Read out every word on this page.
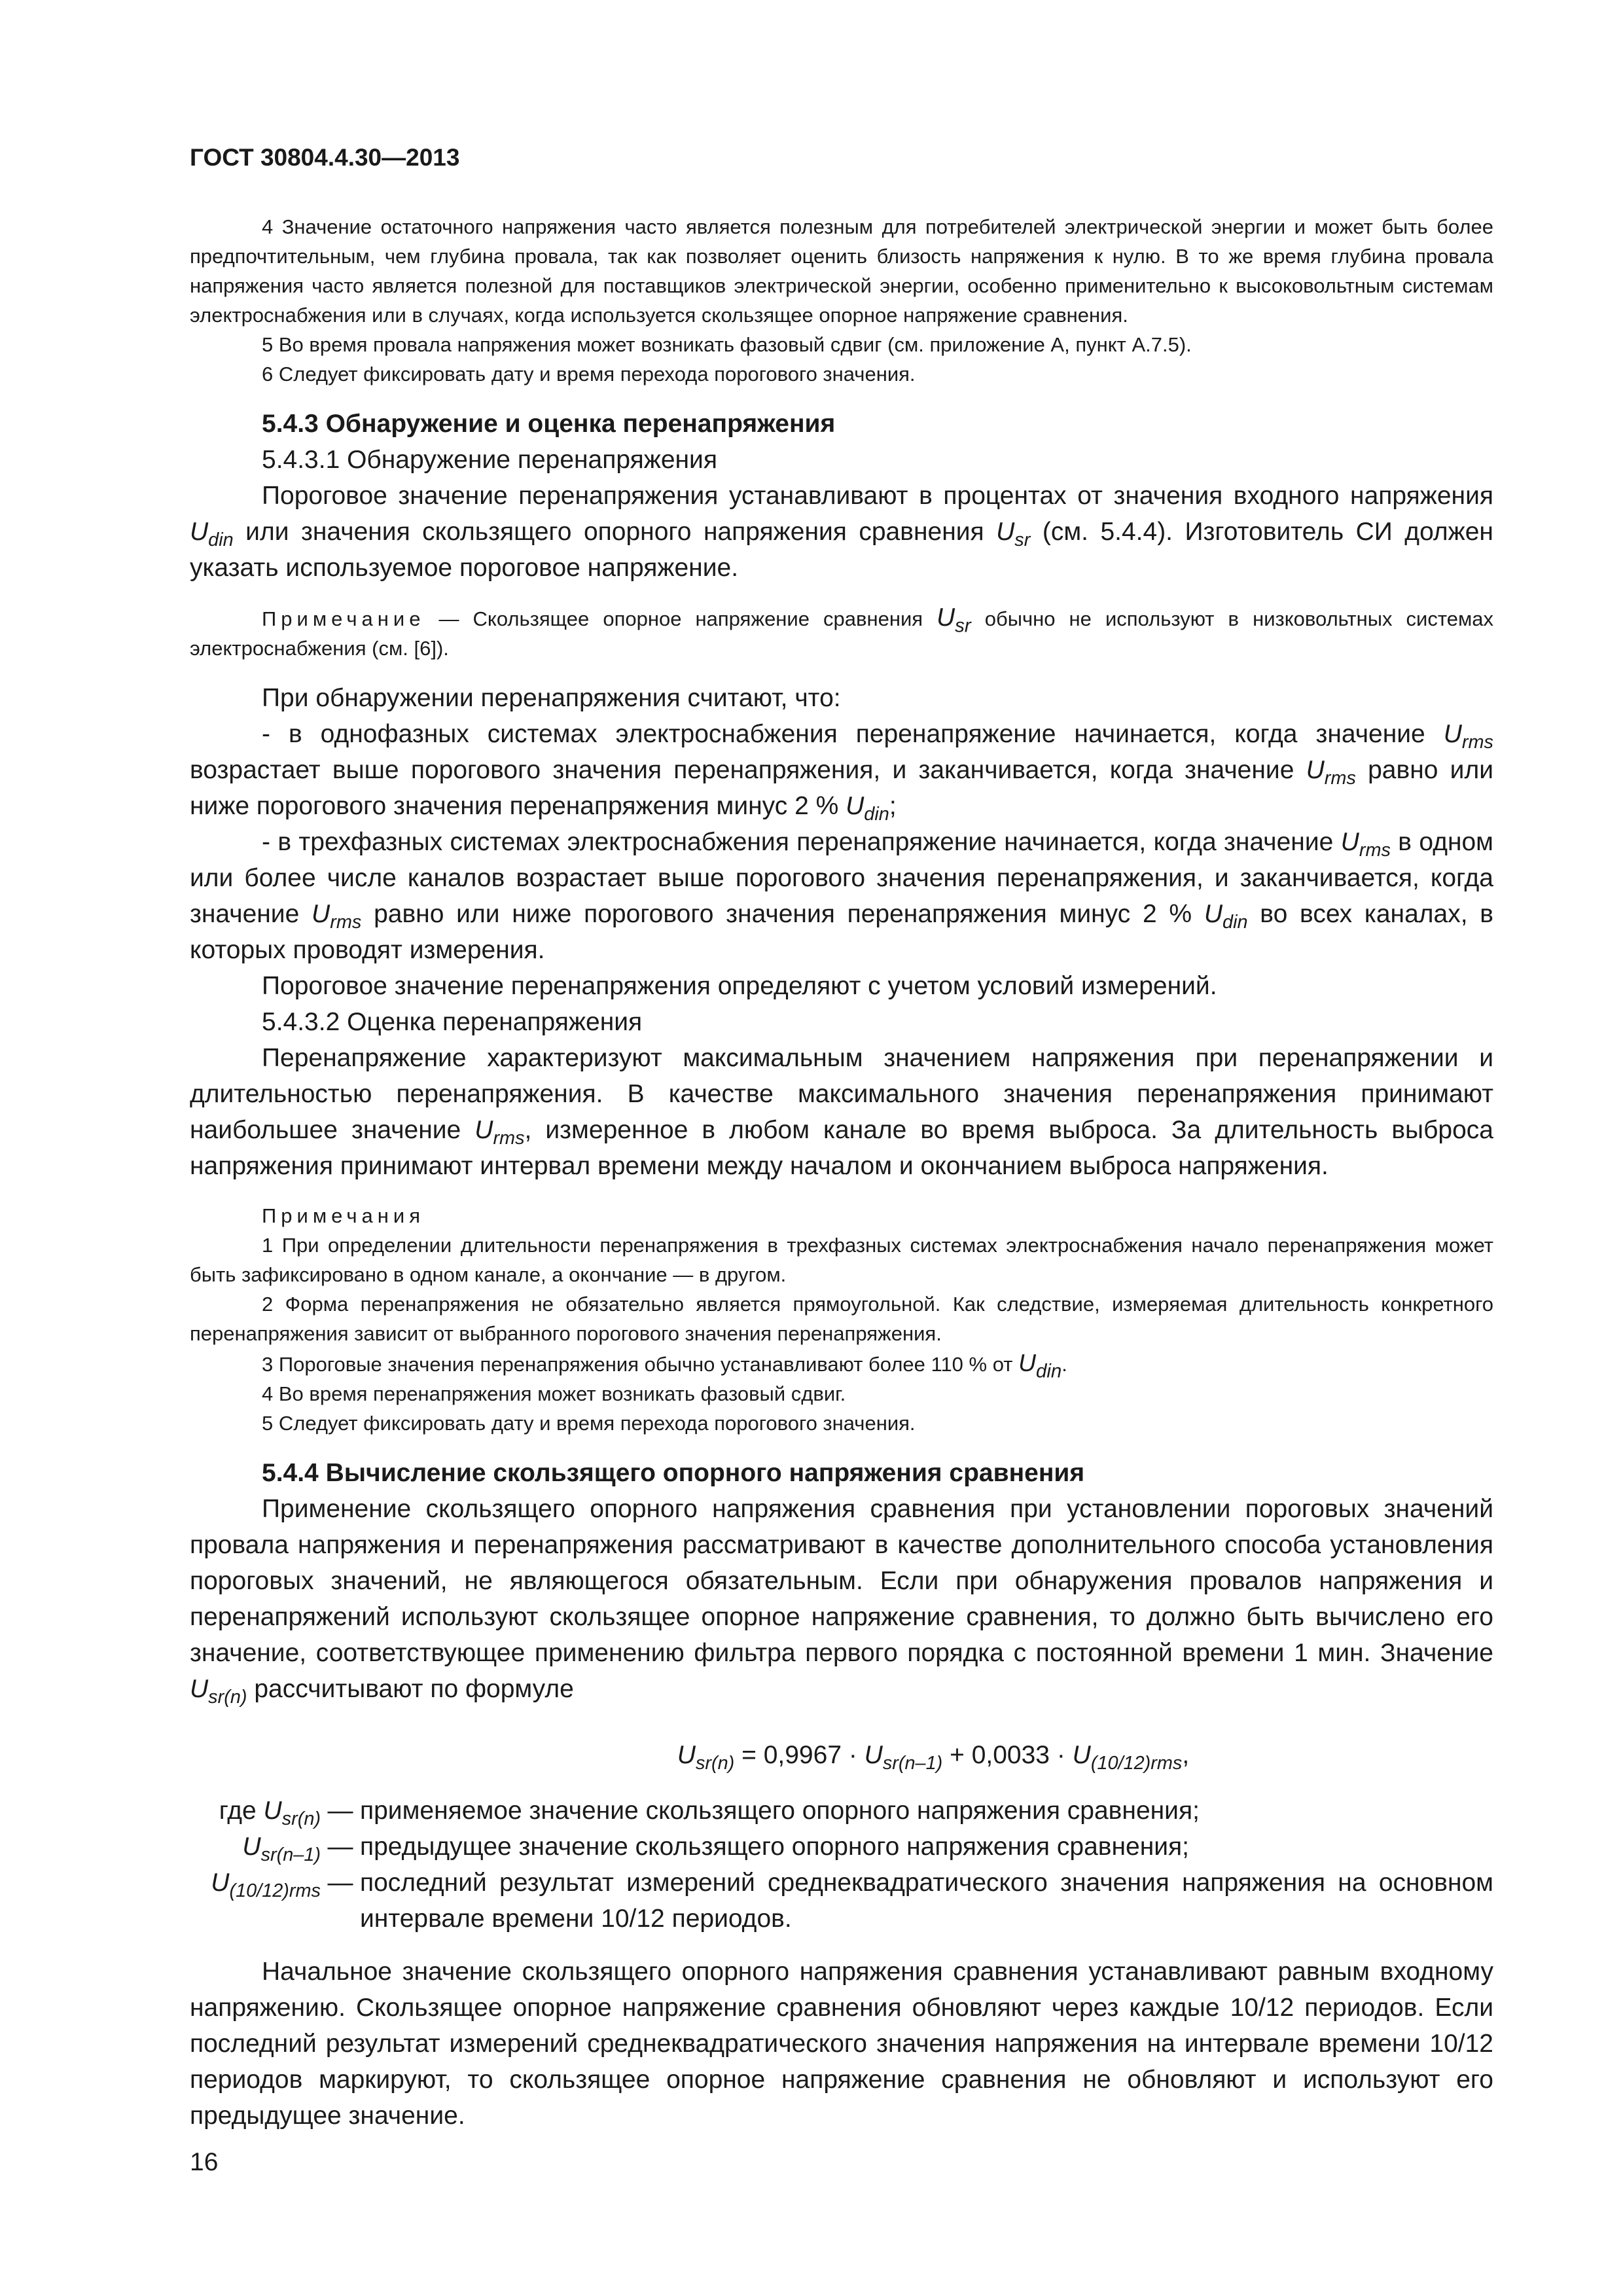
ГОСТ 30804.4.30—2013

4 Значение остаточного напряжения часто является полезным для потребителей электрической энергии и может быть более предпочтительным, чем глубина провала, так как позволяет оценить близость напряжения к нулю. В то же время глубина провала напряжения часто является полезной для поставщиков электрической энергии, особенно применительно к высоковольтным системам электроснабжения или в случаях, когда используется скользящее опорное напряжение сравнения.

5 Во время провала напряжения может возникать фазовый сдвиг (см. приложение А, пункт А.7.5).

6 Следует фиксировать дату и время перехода порогового значения.

5.4.3 Обнаружение и оценка перенапряжения

5.4.3.1 Обнаружение перенапряжения

Пороговое значение перенапряжения устанавливают в процентах от значения входного напряжения $U_{din}$ или значения скользящего опорного напряжения сравнения $U_{sr}$ (см. 5.4.4). Изготовитель СИ должен указать используемое пороговое напряжение.

Примечание — Скользящее опорное напряжение сравнения Usr обычно не используют в низковольтных системах электроснабжения (см. [6]).

При обнаружении перенапряжения считают, что:

- в однофазных системах электроснабжения перенапряжение начинается, когда значение $U_{rms}$ возрастает выше порогового значения перенапряжения, и заканчивается, когда значение $U_{rms}$ равно или ниже порогового значения перенапряжения минус 2 % $U_{din}$;

- в трехфазных системах электроснабжения перенапряжение начинается, когда значение $U_{rms}$ в одном или более числе каналов возрастает выше порогового значения перенапряжения, и заканчивается, когда значение $U_{rms}$ равно или ниже порогового значения перенапряжения минус 2 % $U_{din}$ во всех каналах, в которых проводят измерения.

Пороговое значение перенапряжения определяют с учетом условий измерений.

5.4.3.2 Оценка перенапряжения

Перенапряжение характеризуют максимальным значением напряжения при перенапряжении и длительностью перенапряжения. В качестве максимального значения перенапряжения принимают наибольшее значение $U_{rms}$, измеренное в любом канале во время выброса. За длительность выброса напряжения принимают интервал времени между началом и окончанием выброса напряжения.

Примечания

1 При определении длительности перенапряжения в трехфазных системах электроснабжения начало перенапряжения может быть зафиксировано в одном канале, а окончание — в другом.

2 Форма перенапряжения не обязательно является прямоугольной. Как следствие, измеряемая длительность конкретного перенапряжения зависит от выбранного порогового значения перенапряжения.

3 Пороговые значения перенапряжения обычно устанавливают более 110 % от Udin.

4 Во время перенапряжения может возникать фазовый сдвиг.

5 Следует фиксировать дату и время перехода порогового значения.

5.4.4 Вычисление скользящего опорного напряжения сравнения

Применение скользящего опорного напряжения сравнения при установлении пороговых значений провала напряжения и перенапряжения рассматривают в качестве дополнительного способа установления пороговых значений, не являющегося обязательным. Если при обнаружения провалов напряжения и перенапряжений используют скользящее опорное напряжение сравнения, то должно быть вычислено его значение, соответствующее применению фильтра первого порядка с постоянной времени 1 мин. Значение $U_{sr(n)}$ рассчитывают по формуле

$U_{sr(n)} = 0,9967 \cdot U_{sr(n-1)} + 0,0033 \cdot U_{(10/12)rms}$,
где $U_{sr(n)}$	—	применяемое значение скользящего опорного напряжения сравнения;
$U_{sr(n-1)}$	—	предыдущее значение скользящего опорного напряжения сравнения;
$U_{(10/12)rms}$	—	последний результат измерений среднеквадратического значения напряжения на основном интервале времени 10/12 периодов.

Начальное значение скользящего опорного напряжения сравнения устанавливают равным входному напряжению. Скользящее опорное напряжение сравнения обновляют через каждые 10/12 периодов. Если последний результат измерений среднеквадратического значения напряжения на интервале времени 10/12 периодов маркируют, то скользящее опорное напряжение сравнения не обновляют и используют его предыдущее значение.

16
